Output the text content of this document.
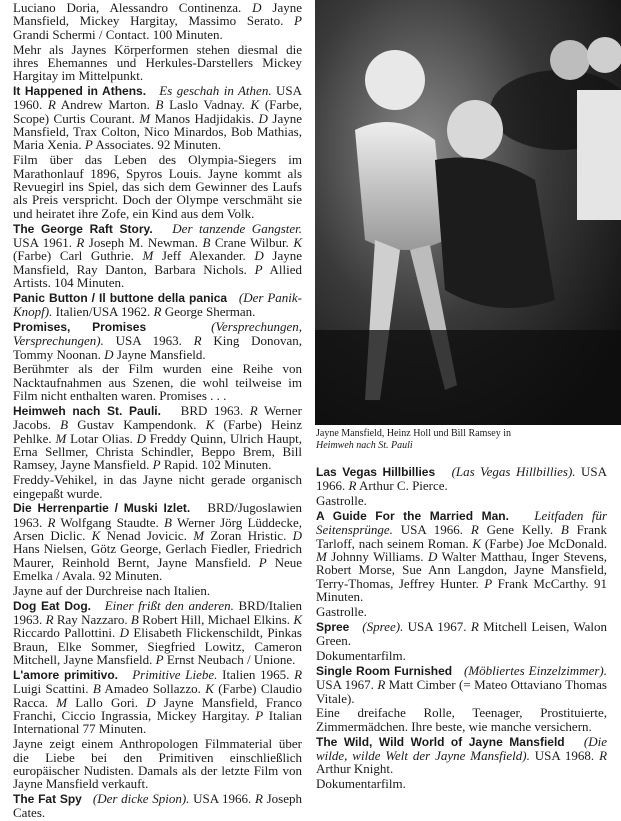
Luciano Doria, Alessandro Continenza. D Jayne Mansfield, Mickey Hargitay, Massimo Serato. P Grandi Schermi / Contact. 100 Minuten.

Mehr als Jaynes Körperformen stehen diesmal die ihres Ehemannes und Herkules-Darstellers Mickey Hargitay im Mittelpunkt.

It Happened in Athens. Es geschah in Athen. USA 1960. R Andrew Marton. B Laslo Vadnay. K (Farbe, Scope) Curtis Courant. M Manos Hadjidakis. D Jayne Mansfield, Trax Colton, Nico Minardos, Bob Mathias, Maria Xenia. P Associates. 92 Minuten.

Film über das Leben des Olympia-Siegers im Marathonlauf 1896, Spyros Louis. Jayne kommt als Revuegirl ins Spiel, das sich dem Gewinner des Laufs als Preis verspricht. Doch der Olympe verschmäht sie und heiratet ihre Zofe, ein Kind aus dem Volk.

The George Raft Story. Der tanzende Gangster. USA 1961. R Joseph M. Newman. B Crane Wilbur. K (Farbe) Carl Guthrie. M Jeff Alexander. D Jayne Mansfield, Ray Danton, Barbara Nichols. P Allied Artists. 104 Minuten.

Panic Button / Il buttone della panica (Der Panik-Knopf). Italien/USA 1962. R George Sherman.

Promises, Promises	(Versprechungen, Versprechungen). USA 1963. R King Donovan, Tommy Noonan. D Jayne Mansfield.

Berühmter als der Film wurden eine Reihe von Nacktaufnahmen aus Szenen, die wohl teilweise im Film nicht enthalten waren. Promises . . .

Heimweh nach St. Pauli. BRD 1963. R Werner Jacobs. B Gustav Kampendonk. K (Farbe) Heinz Pehlke. M Lotar Olias. D Freddy Quinn, Ulrich Haupt, Erna Sellmer, Christa Schindler, Beppo Brem, Bill Ramsey, Jayne Mansfield. P Rapid. 102 Minuten.

Freddy-Vehikel, in das Jayne nicht gerade organisch eingepaßt wurde.

Die Herrenpartie / Muski Izlet. BRD/Jugoslawien 1963. R Wolfgang Staudte. B Werner Jörg Lüddecke, Arsen Diclic. K Nenad Jovicic. M Zoran Hristic. D Hans Nielsen, Götz George, Gerlach Fiedler, Friedrich Maurer, Reinhold Bernt, Jayne Mansfield. P Neue Emelka / Avala. 92 Minuten.

Jayne auf der Durchreise nach Italien.

Dog Eat Dog. Einer frißt den anderen. BRD/Italien 1963. R Ray Nazzaro. B Robert Hill, Michael Elkins. K Riccardo Pallottini. D Elisabeth Flickenschildt, Pinkas Braun, Elke Sommer, Siegfried Lowitz, Cameron Mitchell, Jayne Mansfield. P Ernst Neubach / Unione.

L'amore primitivo. Primitive Liebe. Italien 1965. R Luigi Scattini. B Amadeo Sollazzo. K (Farbe) Claudio Racca. M Lallo Gori. D Jayne Mansfield, Franco Franchi, Ciccio Ingrassia, Mickey Hargitay. P Italian International 77 Minuten.

Jayne zeigt einem Anthropologen Filmmaterial über die Liebe bei den Primitiven einschließlich europäischer Nudisten. Damals als der letzte Film von Jayne Mansfield verkauft.

The Fat Spy (Der dicke Spion). USA 1966. R Joseph Cates.

Jayne Mansfield, Heinz Holl und Bill Ramsey in
Heimweh nach St. Pauli

Las Vegas Hillbillies (Las Vegas Hillbillies). USA 1966. R Arthur C. Pierce.

Gastrolle.

A Guide For the Married Man. Leitfaden für Seitensprünge. USA 1966. R Gene Kelly. B Frank Tarloff, nach seinem Roman. K (Farbe) Joe McDonald. M Johnny Williams. D Walter Matthau, Inger Stevens, Robert Morse, Sue Ann Langdon, Jayne Mansfield, Terry-Thomas, Jeffrey Hunter. P Frank McCarthy. 91 Minuten.

Gastrolle.

Spree (Spree). USA 1967. R Mitchell Leisen, Walon Green.

Dokumentarfilm.

Single Room Furnished (Möbliertes Einzelzimmer). USA 1967. R Matt Cimber (= Mateo Ottaviano Thomas Vitale).

Eine dreifache Rolle, Teenager, Prostituierte, Zimmermädchen. Ihre beste, wie manche versichern.

The Wild, Wild World of Jayne Mansfield (Die wilde, wilde Welt der Jayne Mansfield). USA 1968. R Arthur Knight.

Dokumentarfilm.
